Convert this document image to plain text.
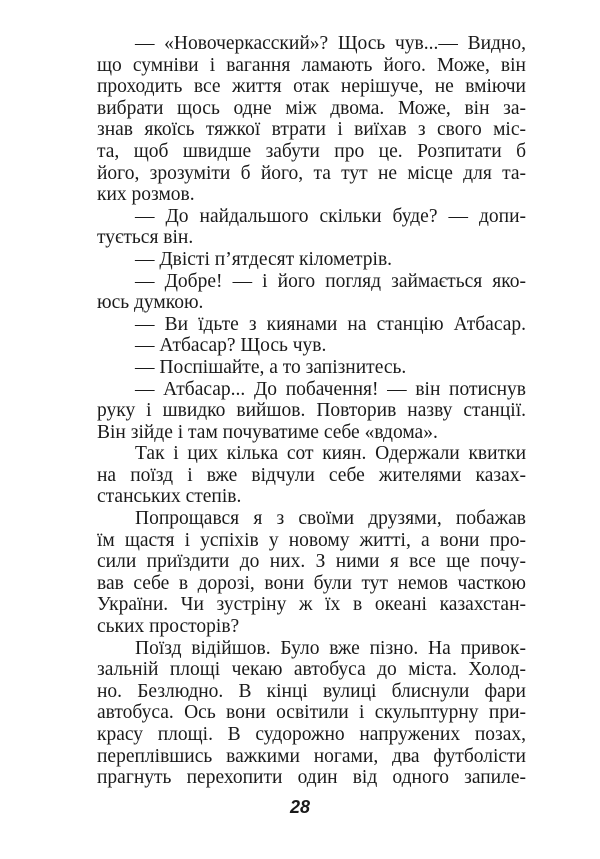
— «Новочеркасский»? Щось чув...— Видно,
що сумніви і вагання ламають його. Може, він
проходить все життя отак нерішуче, не вміючи
вибрати щось одне між двома. Може, він за-
знав якоїсь тяжкої втрати і виїхав з свого міс-
та, щоб швидше забути про це. Розпитати б
його, зрозуміти б його, та тут не місце для та-
ких розмов.
— До найдальшого скільки буде? — допи-
тується він.
— Двісті п’ятдесят кілометрів.
— Добре! — і його погляд займається яко-
юсь думкою.
— Ви їдьте з киянами на станцію Атбасар.
— Атбасар? Щось чув.
— Поспішайте, а то запізнитесь.
— Атбасар... До побачення! — він потиснув
руку і швидко вийшов. Повторив назву станції.
Він зійде і там почуватиме себе «вдома».
Так і цих кілька сот киян. Одержали квитки
на поїзд і вже відчули себе жителями казах-
станських степів.
Попрощався я з своїми друзями, побажав
їм щастя і успіхів у новому житті, а вони про-
сили приїздити до них. З ними я все ще почу-
вав себе в дорозі, вони були тут немов часткою
України. Чи зустріну ж їх в океані казахстан-
ських просторів?
Поїзд відійшов. Було вже пізно. На привок-
зальній площі чекаю автобуса до міста. Холод-
но. Безлюдно. В кінці вулиці блиснули фари
автобуса. Ось вони освітили і скульптурну при-
красу площі. В судорожно напружених позах,
переплівшись важкими ногами, два футболісти
прагнуть перехопити один від одного запиле-
28
